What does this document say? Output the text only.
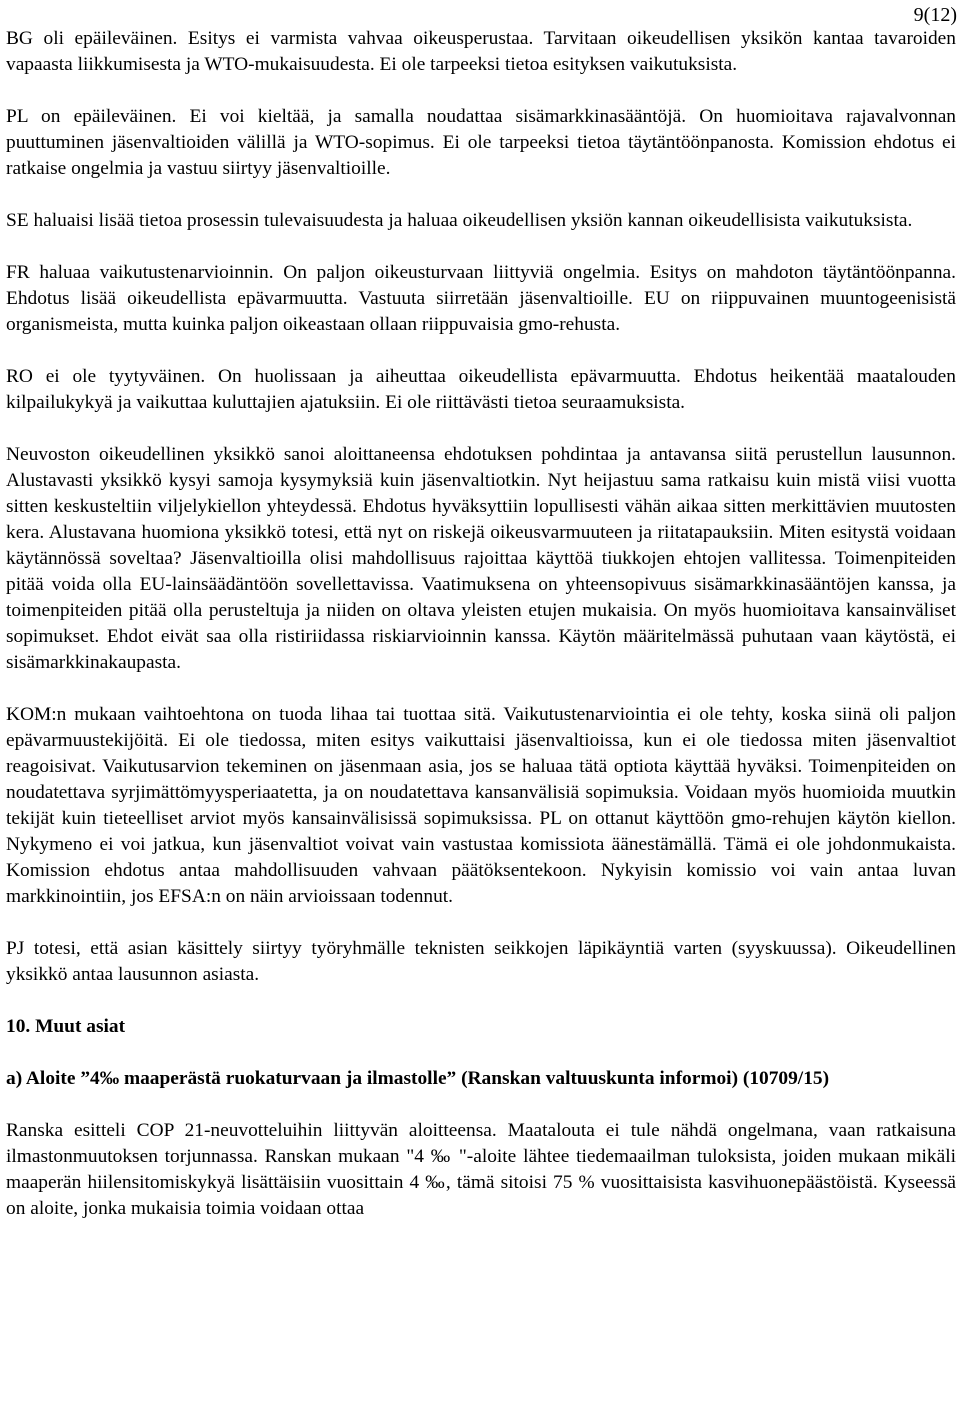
9(12)

BG oli epäileväinen. Esitys ei varmista vahvaa oikeusperustaa. Tarvitaan oikeudellisen yksikön kantaa tavaroiden vapaasta liikkumisesta ja WTO-mukaisuudesta. Ei ole tarpeeksi tietoa esityksen vaikutuksista.

PL on epäileväinen. Ei voi kieltää, ja samalla noudattaa sisämarkkinasääntöjä. On huomioitava rajavalvonnan puuttuminen jäsenvaltioiden välillä ja WTO-sopimus. Ei ole tarpeeksi tietoa täytäntöönpanosta. Komission ehdotus ei ratkaise ongelmia ja vastuu siirtyy jäsenvaltioille.

SE haluaisi lisää tietoa prosessin tulevaisuudesta ja haluaa oikeudellisen yksiön kannan oikeudellisista vaikutuksista.

FR haluaa vaikutustenarvioinnin. On paljon oikeusturvaan liittyviä ongelmia. Esitys on mahdoton täytäntöönpanna. Ehdotus lisää oikeudellista epävarmuutta. Vastuuta siirretään jäsenvaltioille. EU on riippuvainen muuntogeenisistä organismeista, mutta kuinka paljon oikeastaan ollaan riippuvaisia gmo-rehusta.

RO ei ole tyytyväinen. On huolissaan ja aiheuttaa oikeudellista epävarmuutta. Ehdotus heikentää maatalouden kilpailukykyä ja vaikuttaa kuluttajien ajatuksiin. Ei ole riittävästi tietoa seuraamuksista.

Neuvoston oikeudellinen yksikkö sanoi aloittaneensa ehdotuksen pohdintaa ja antavansa siitä perustellun lausunnon. Alustavasti yksikkö kysyi samoja kysymyksiä kuin jäsenvaltiotkin. Nyt heijastuu sama ratkaisu kuin mistä viisi vuotta sitten keskusteltiin viljelykiellon yhteydessä. Ehdotus hyväksyttiin lopullisesti vähän aikaa sitten merkittävien muutosten kera. Alustavana huomiona yksikkö totesi, että nyt on riskejä oikeusvarmuuteen ja riitatapauksiin. Miten esitystä voidaan käytännössä soveltaa? Jäsenvaltioilla olisi mahdollisuus rajoittaa käyttöä tiukkojen ehtojen vallitessa. Toimenpiteiden pitää voida olla EU-lainsäädäntöön sovellettavissa. Vaatimuksena on yhteensopivuus sisämarkkinasääntöjen kanssa, ja toimenpiteiden pitää olla perusteltuja ja niiden on oltava yleisten etujen mukaisia. On myös huomioitava kansainväliset sopimukset. Ehdot eivät saa olla ristiriidassa riskiarvioinnin kanssa. Käytön määritelmässä puhutaan vaan käytöstä, ei sisämarkkinakaupasta.

KOM:n mukaan vaihtoehtona on tuoda lihaa tai tuottaa sitä. Vaikutustenarviointia ei ole tehty, koska siinä oli paljon epävarmuustekijöitä. Ei ole tiedossa, miten esitys vaikuttaisi jäsenvaltioissa, kun ei ole tiedossa miten jäsenvaltiot reagoisivat. Vaikutusarvion tekeminen on jäsenmaan asia, jos se haluaa tätä optiota käyttää hyväksi. Toimenpiteiden on noudatettava syrjimättömyysperiaatetta, ja on noudatettava kansanvälisiä sopimuksia. Voidaan myös huomioida muutkin tekijät kuin tieteelliset arviot myös kansainvälisissä sopimuksissa. PL on ottanut käyttöön gmo-rehujen käytön kiellon. Nykymeno ei voi jatkua, kun jäsenvaltiot voivat vain vastustaa komissiota äänestämällä. Tämä ei ole johdonmukaista. Komission ehdotus antaa mahdollisuuden vahvaan päätöksentekoon. Nykyisin komissio voi vain antaa luvan markkinointiin, jos EFSA:n on näin arvioissaan todennut.

PJ totesi, että asian käsittely siirtyy työryhmälle teknisten seikkojen läpikäyntiä varten (syyskuussa). Oikeudellinen yksikkö antaa lausunnon asiasta.

10. Muut asiat

a) Aloite ”4‰ maaperästä ruokaturvaan ja ilmastolle” (Ranskan valtuuskunta informoi) (10709/15)

Ranska esitteli COP 21-neuvotteluihin liittyvän aloitteensa. Maatalouta ei tule nähdä ongelmana, vaan ratkaisuna ilmastonmuutoksen torjunnassa. Ranskan mukaan "4 ‰ "-aloite lähtee tiedemaailman tuloksista, joiden mukaan mikäli maaperän hiilensitomiskykyä lisättäisiin vuosittain 4 ‰, tämä sitoisi 75 % vuosittaisista kasvihuonepäästöistä. Kyseessä on aloite, jonka mukaisia toimia voidaan ottaa
